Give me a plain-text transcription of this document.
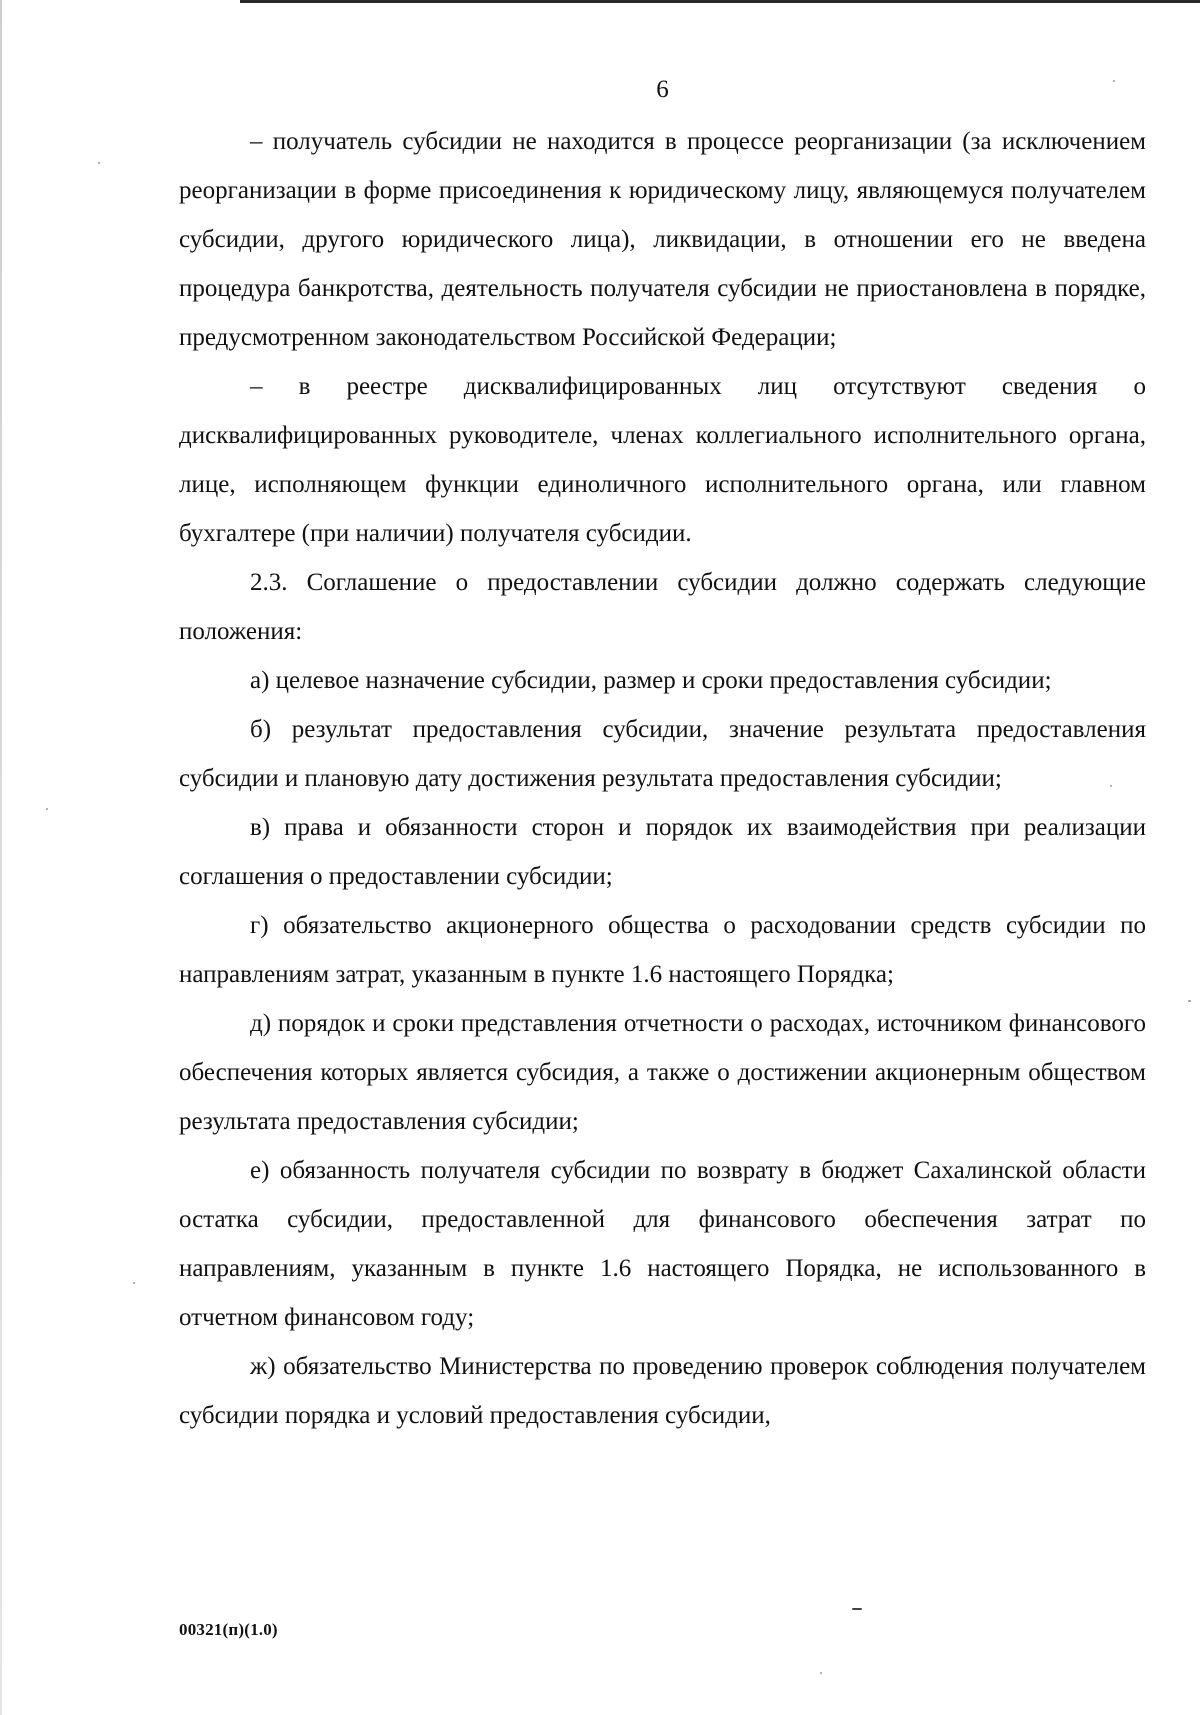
6

– получатель субсидии не находится в процессе реорганизации (за исключением реорганизации в форме присоединения к юридическому лицу, являющемуся получателем субсидии, другого юридического лица), ликвидации, в отношении его не введена процедура банкротства, деятельность получателя субсидии не приостановлена в порядке, предусмотренном законодательством Российской Федерации;

– в реестре дисквалифицированных лиц отсутствуют сведения о дисквалифицированных руководителе, членах коллегиального исполнительного органа, лице, исполняющем функции единоличного исполнительного органа, или главном бухгалтере (при наличии) получателя субсидии.

2.3. Соглашение о предоставлении субсидии должно содержать следующие положения:

а) целевое назначение субсидии, размер и сроки предоставления субсидии;

б) результат предоставления субсидии, значение результата предоставления субсидии и плановую дату достижения результата предоставления субсидии;

в) права и обязанности сторон и порядок их взаимодействия при реализации соглашения о предоставлении субсидии;

г) обязательство акционерного общества о расходовании средств субсидии по направлениям затрат, указанным в пункте 1.6 настоящего Порядка;

д) порядок и сроки представления отчетности о расходах, источником финансового обеспечения которых является субсидия, а также о достижении акционерным обществом результата предоставления субсидии;

е) обязанность получателя субсидии по возврату в бюджет Сахалинской области остатка субсидии, предоставленной для финансового обеспечения затрат по направлениям, указанным в пункте 1.6 настоящего Порядка, не использованного в отчетном финансовом году;

ж) обязательство Министерства по проведению проверок соблюдения получателем субсидии порядка и условий предоставления субсидии,

00321(п)(1.0)
